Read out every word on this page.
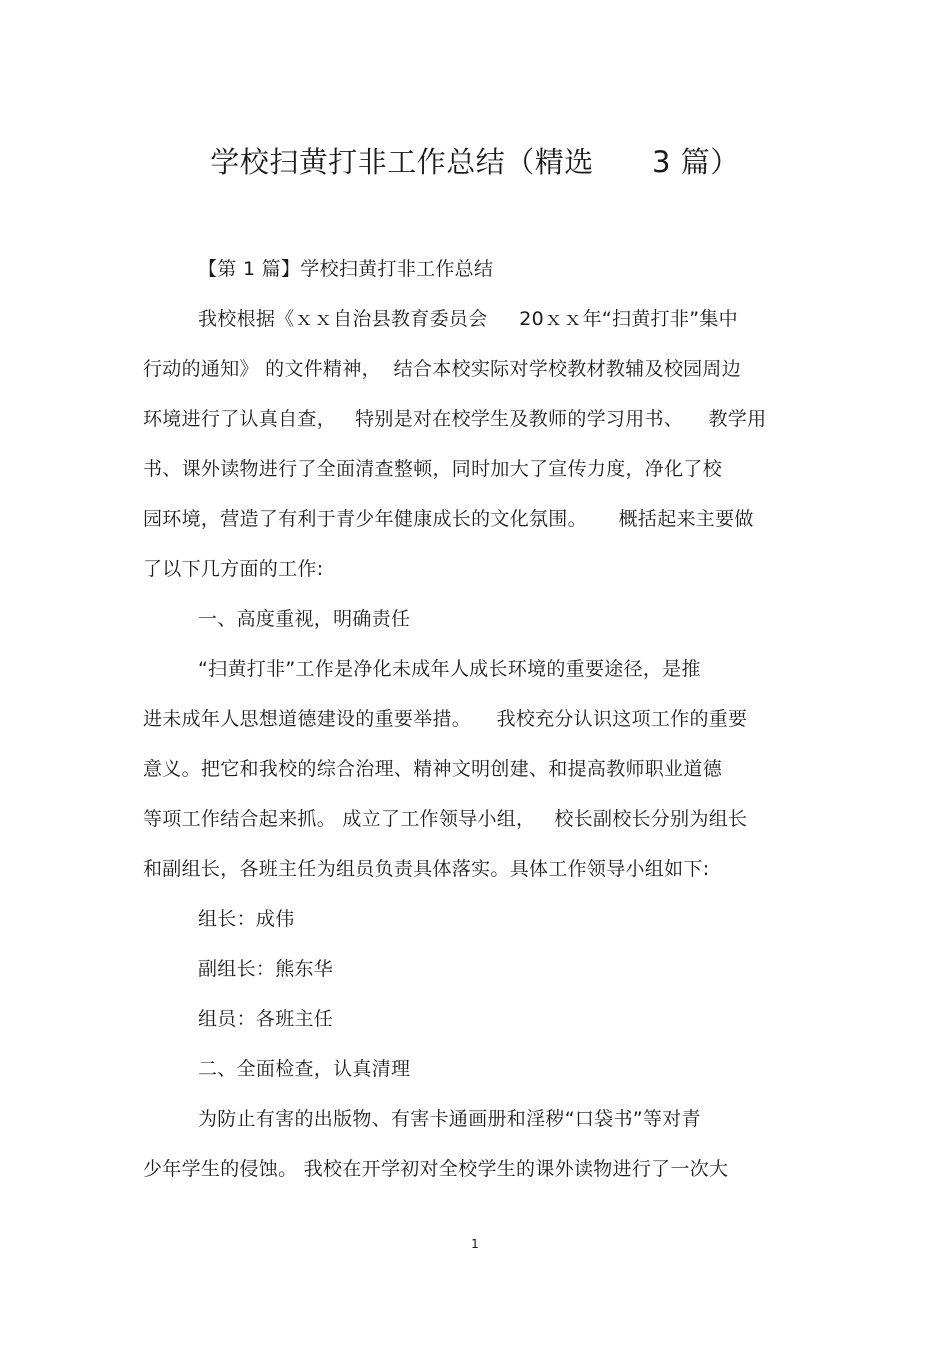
学校扫黄打非工作总结（精选      3 篇）
【第 1 篇】学校扫黄打非工作总结
我校根据《ｘｘ自治县教育委员会     20ｘｘ年“扫黄打非”集中
行动的通知》 的文件精神，  结合本校实际对学校教材教辅及校园周边
环境进行了认真自查，   特别是对在校学生及教师的学习用书、    教学用
书、课外读物进行了全面清查整顿，同时加大了宣传力度，净化了校
园环境，营造了有利于青少年健康成长的文化氛围。     概括起来主要做
了以下几方面的工作:
一、高度重视，明确责任
“扫黄打非”工作是净化未成年人成长环境的重要途径，是推
进未成年人思想道德建设的重要举措。    我校充分认识这项工作的重要
意义。把它和我校的综合治理、精神文明创建、和提高教师职业道德
等项工作结合起来抓。 成立了工作领导小组，   校长副校长分别为组长
和副组长，各班主任为组员负责具体落实。具体工作领导小组如下:
组长：成伟
副组长：熊东华
组员：各班主任
二、全面检查，认真清理
为防止有害的出版物、有害卡通画册和淫秽“口袋书”等对青
少年学生的侵蚀。 我校在开学初对全校学生的课外读物进行了一次大
1
